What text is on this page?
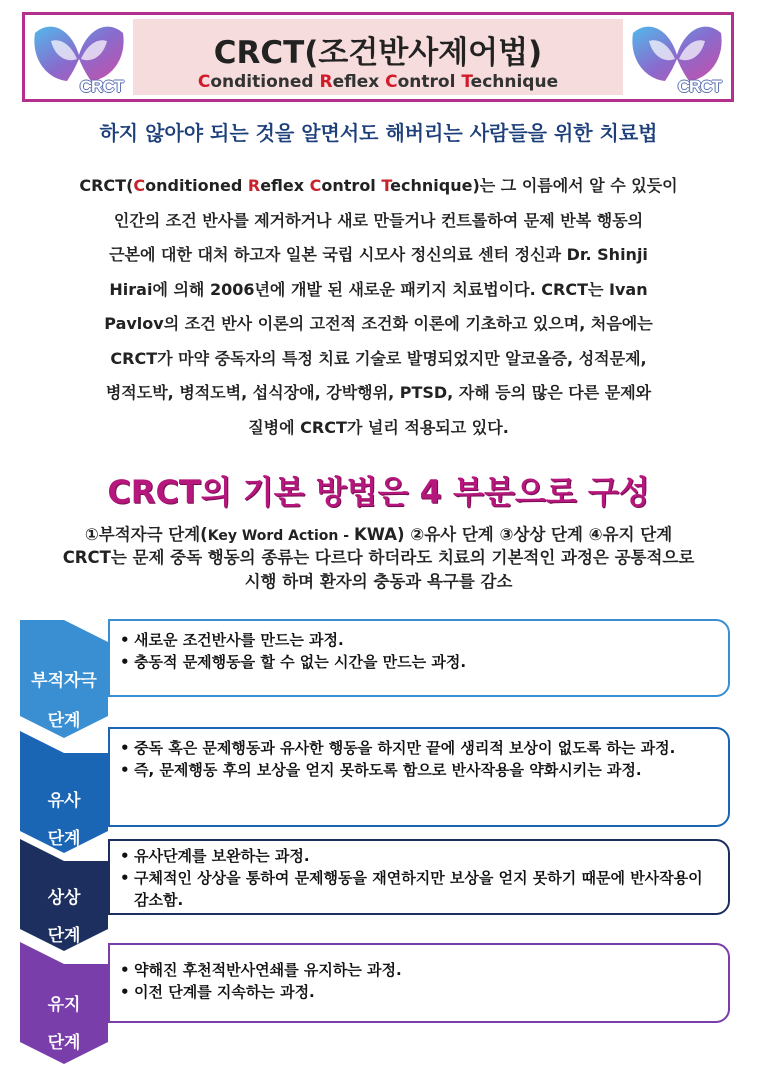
CRCT
CRCT(조건반사제어법)
Conditioned Reflex Control Technique	CRCT
하지 않아야 되는 것을 알면서도 해버리는 사람들을 위한 치료법
CRCT(Conditioned Reflex Control Technique)는 그 이름에서 알 수 있듯이
인간의 조건 반사를 제거하거나 새로 만들거나 컨트롤하여 문제 반복 행동의
근본에 대한 대처 하고자 일본 국립 시모사 정신의료 센터 정신과 Dr. Shinji
Hirai에 의해 2006년에 개발 된 새로운 패키지 치료법이다. CRCT는 Ivan
Pavlov의 조건 반사 이론의 고전적 조건화 이론에 기초하고 있으며, 처음에는
CRCT가 마약 중독자의 특정 치료 기술로 발명되었지만 알코올증, 성적문제,
병적도박, 병적도벽, 섭식장애, 강박행위, PTSD, 자해 등의 많은 다른 문제와
질병에 CRCT가 널리 적용되고 있다.
CRCT의 기본 방법은 4 부분으로 구성
①부적자극 단계(Key Word Action - KWA) ②유사 단계 ③상상 단계 ④유지 단계
CRCT는 문제 중독 행동의 종류는 다르다 하더라도 치료의 기본적인 과정은 공통적으로 시행 하며 환자의 충동과 욕구를 감소
부적자극
단계
• 새로운 조건반사를 만드는 과정.
• 충동적 문제행동을 할 수 없는 시간을 만드는 과정.
유사
단계
• 중독 혹은 문제행동과 유사한 행동을 하지만 끝에 생리적 보상이 없도록 하는 과정.
• 즉, 문제행동 후의 보상을 얻지 못하도록 함으로 반사작용을 약화시키는 과정.
상상
단계
• 유사단계를 보완하는 과정.
• 구체적인 상상을 통하여 문제행동을 재연하지만 보상을 얻지 못하기 때문에 반사작용이 감소함.
유지
단계
• 약해진 후천적반사연쇄를 유지하는 과정.
• 이전 단계를 지속하는 과정.
